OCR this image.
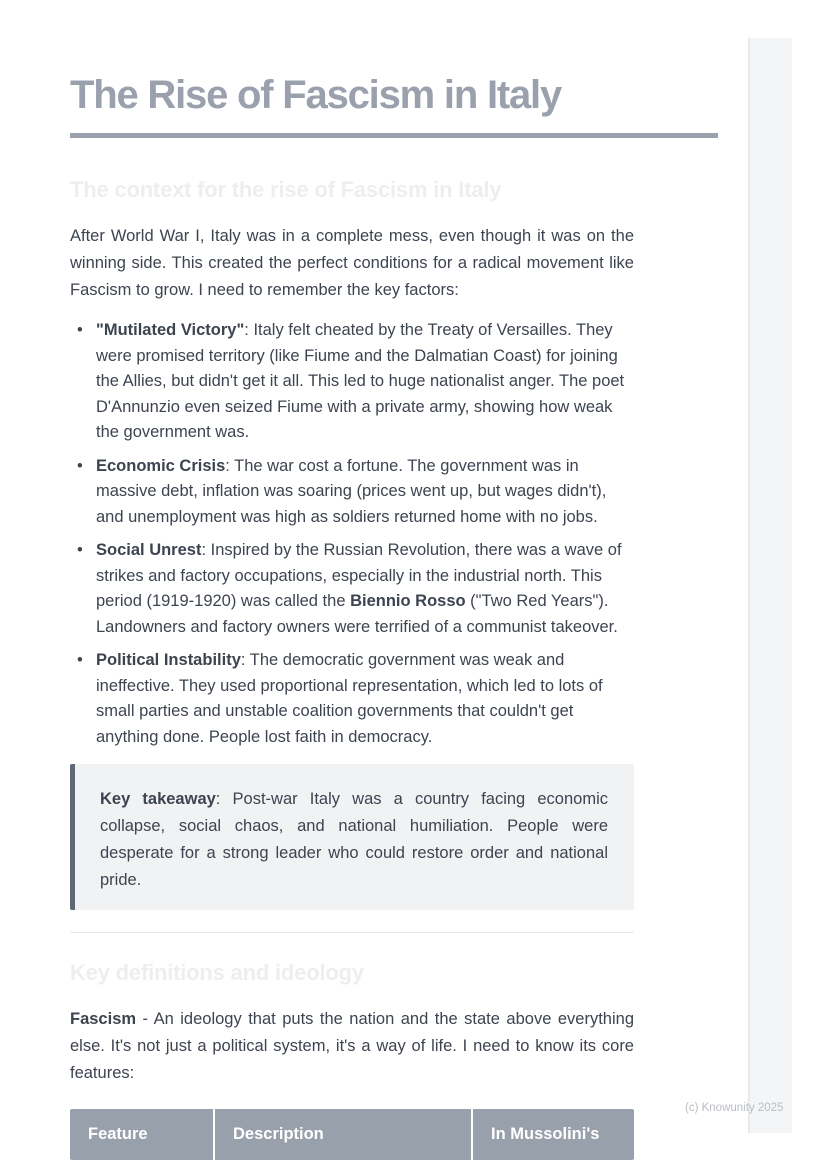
(c) Knowunity 2025
The Rise of Fascism in Italy
The context for the rise of Fascism in Italy

After World War I, Italy was in a complete mess, even though it was on the winning side. This created the perfect conditions for a radical movement like Fascism to grow. I need to remember the key factors:

• "Mutilated Victory": Italy felt cheated by the Treaty of Versailles. They were promised territory (like Fiume and the Dalmatian Coast) for joining the Allies, but didn't get it all. This led to huge nationalist anger. The poet D'Annunzio even seized Fiume with a private army, showing how weak the government was.
• Economic Crisis: The war cost a fortune. The government was in massive debt, inflation was soaring (prices went up, but wages didn't), and unemployment was high as soldiers returned home with no jobs.
• Social Unrest: Inspired by the Russian Revolution, there was a wave of strikes and factory occupations, especially in the industrial north. This period (1919-1920) was called the Biennio Rosso ("Two Red Years"). Landowners and factory owners were terrified of a communist takeover.
• Political Instability: The democratic government was weak and ineffective. They used proportional representation, which led to lots of small parties and unstable coalition governments that couldn't get anything done. People lost faith in democracy.
Key takeaway: Post-war Italy was a country facing economic collapse, social chaos, and national humiliation. People were desperate for a strong leader who could restore order and national pride.
Key definitions and ideology

Fascism - An ideology that puts the nation and the state above everything else. It's not just a political system, it's a way of life. I need to know its core features:

Feature	Description	In Mussolini's
